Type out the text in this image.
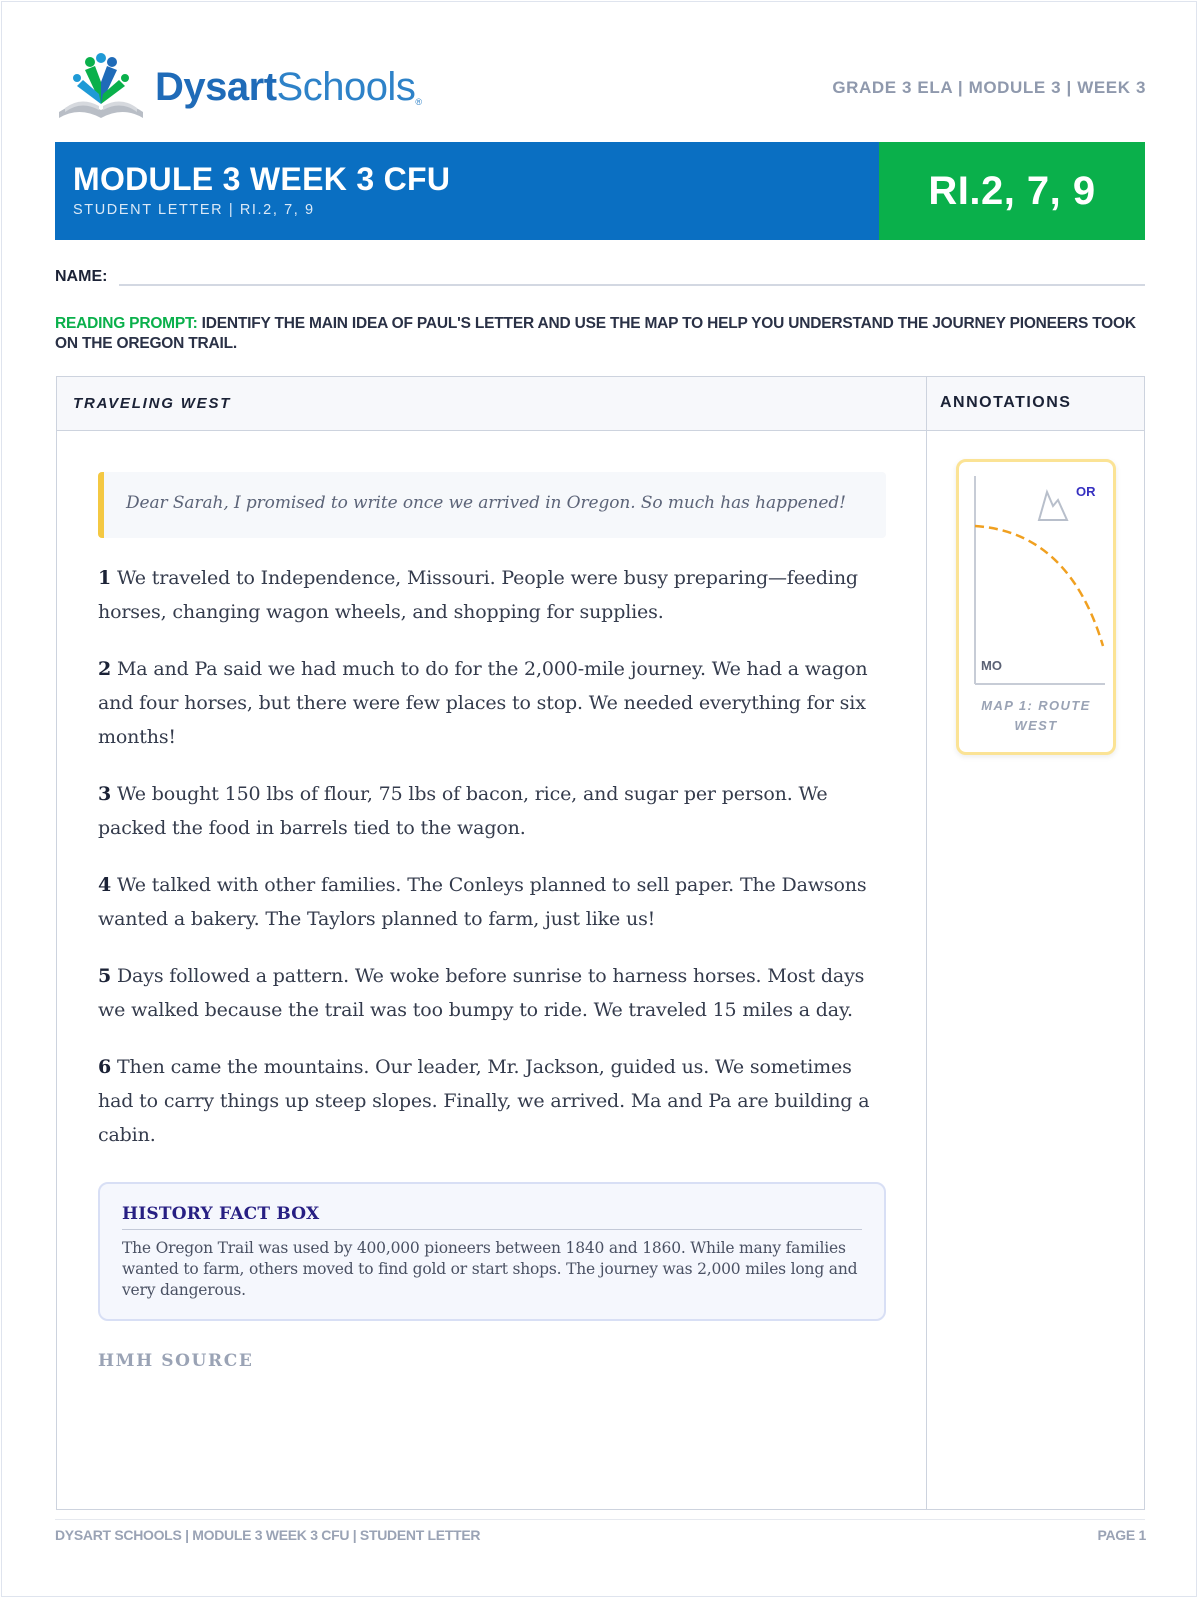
DysartSchools®
GRADE 3 ELA | MODULE 3 | WEEK 3
MODULE 3 WEEK 3 CFU
STUDENT LETTER | RI.2, 7, 9	RI.2, 7, 9
NAME:
READING PROMPT: IDENTIFY THE MAIN IDEA OF PAUL'S LETTER AND USE THE MAP TO HELP YOU UNDERSTAND THE JOURNEY PIONEERS TOOK ON THE OREGON TRAIL.
TRAVELING WEST	ANNOTATIONS
Dear Sarah, I promised to write once we arrived in Oregon. So much has happened!
1 We traveled to Independence, Missouri. People were busy preparing—feeding horses, changing wagon wheels, and shopping for supplies.
2 Ma and Pa said we had much to do for the 2,000-mile journey. We had a wagon and four horses, but there were few places to stop. We needed everything for six months!
3 We bought 150 lbs of flour, 75 lbs of bacon, rice, and sugar per person. We packed the food in barrels tied to the wagon.
4 We talked with other families. The Conleys planned to sell paper. The Dawsons wanted a bakery. The Taylors planned to farm, just like us!
5 Days followed a pattern. We woke before sunrise to harness horses. Most days we walked because the trail was too bumpy to ride. We traveled 15 miles a day.
6 Then came the mountains. Our leader, Mr. Jackson, guided us. We sometimes had to carry things up steep slopes. Finally, we arrived. Ma and Pa are building a cabin.
HISTORY FACT BOX
The Oregon Trail was used by 400,000 pioneers between 1840 and 1860. While many families wanted to farm, others moved to find gold or start shops. The journey was 2,000 miles long and very dangerous.
HMH SOURCE
OR
MO
MAP 1: ROUTE WEST
DYSART SCHOOLS | MODULE 3 WEEK 3 CFU | STUDENT LETTER	PAGE 1
